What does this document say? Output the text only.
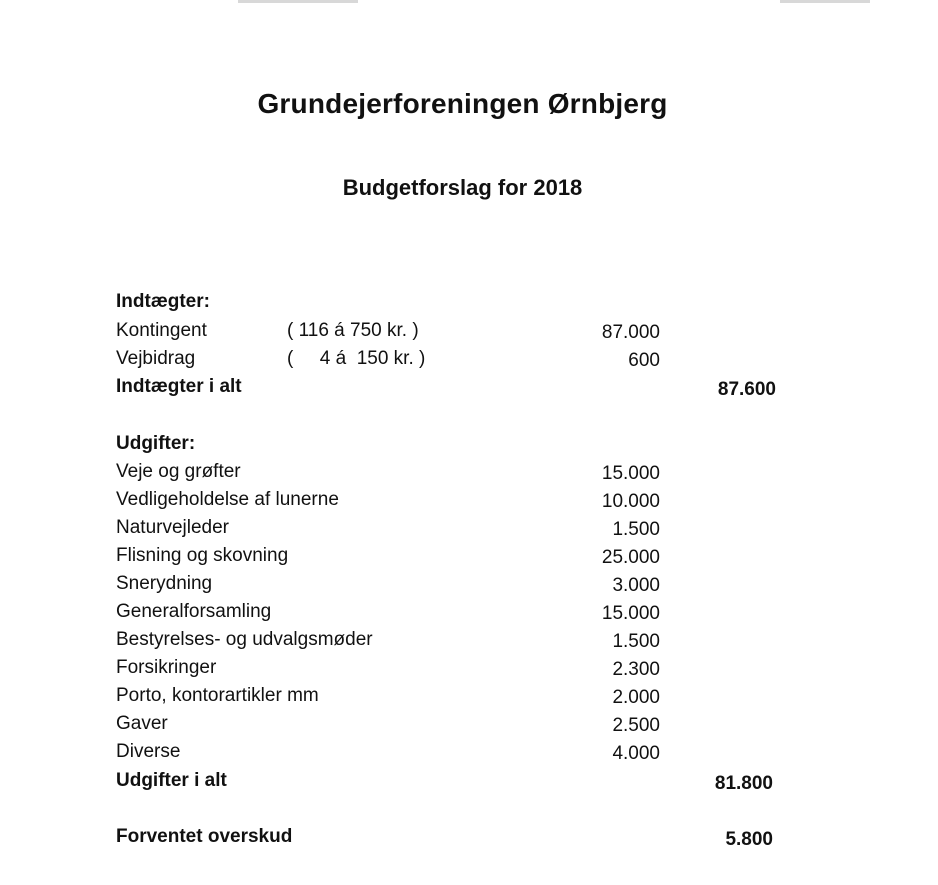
Grundejerforeningen Ørnbjerg
Budgetforslag for 2018
Indtægter:
Kontingent	( 116 á 750 kr. )	87.000
Vejbidrag	(     4 á  150 kr. )	600
Indtægter i alt	87.600
Udgifter:
Veje og grøfter	15.000
Vedligeholdelse af lunerne	10.000
Naturvejleder	1.500
Flisning og skovning	25.000
Snerydning	3.000
Generalforsamling	15.000
Bestyrelses- og udvalgsmøder	1.500
Forsikringer	2.300
Porto, kontorartikler mm	2.000
Gaver	2.500
Diverse	4.000
Udgifter i alt	81.800
Forventet overskud	5.800
